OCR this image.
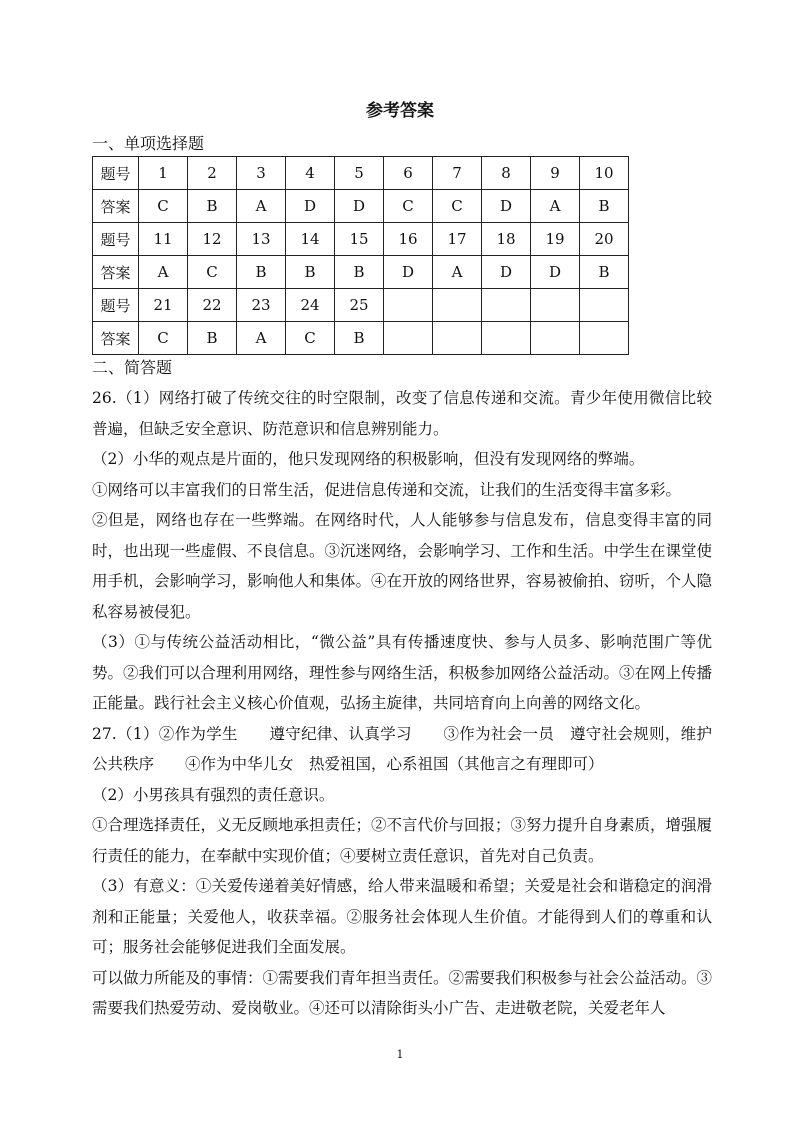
参考答案
一、单项选择题
题号	1	2	3	4	5	6	7	8	9	10
答案	C	B	A	D	D	C	C	D	A	B
题号	11	12	13	14	15	16	17	18	19	20
答案	A	C	B	B	B	D	A	D	D	B
题号	21	22	23	24	25					
答案	C	B	A	C	B					
二、简答题

26.（1）网络打破了传统交往的时空限制，改变了信息传递和交流。青少年使用微信比较普遍，但缺乏安全意识、防范意识和信息辨别能力。

（2）小华的观点是片面的，他只发现网络的积极影响，但没有发现网络的弊端。

①网络可以丰富我们的日常生活，促进信息传递和交流，让我们的生活变得丰富多彩。

②但是，网络也存在一些弊端。在网络时代，人人能够参与信息发布，信息变得丰富的同时，也出现一些虚假、不良信息。③沉迷网络，会影响学习、工作和生活。中学生在课堂使用手机，会影响学习，影响他人和集体。④在开放的网络世界，容易被偷拍、窃听，个人隐私容易被侵犯。

（3）①与传统公益活动相比，“微公益”具有传播速度快、参与人员多、影响范围广等优势。②我们可以合理利用网络，理性参与网络生活，积极参加网络公益活动。③在网上传播正能量。践行社会主义核心价值观，弘扬主旋律，共同培育向上向善的网络文化。

27.（1）②作为学生　　遵守纪律、认真学习　　③作为社会一员　遵守社会规则，维护公共秩序　　④作为中华儿女　热爱祖国，心系祖国（其他言之有理即可）

（2）小男孩具有强烈的责任意识。

①合理选择责任，义无反顾地承担责任；②不言代价与回报；③努力提升自身素质，增强履行责任的能力，在奉献中实现价值；④要树立责任意识，首先对自己负责。

（3）有意义：①关爱传递着美好情感，给人带来温暖和希望；关爱是社会和谐稳定的润滑剂和正能量；关爱他人，收获幸福。②服务社会体现人生价值。才能得到人们的尊重和认可；服务社会能够促进我们全面发展。

可以做力所能及的事情：①需要我们青年担当责任。②需要我们积极参与社会公益活动。③需要我们热爱劳动、爱岗敬业。④还可以清除街头小广告、走进敬老院，关爱老年人

1
